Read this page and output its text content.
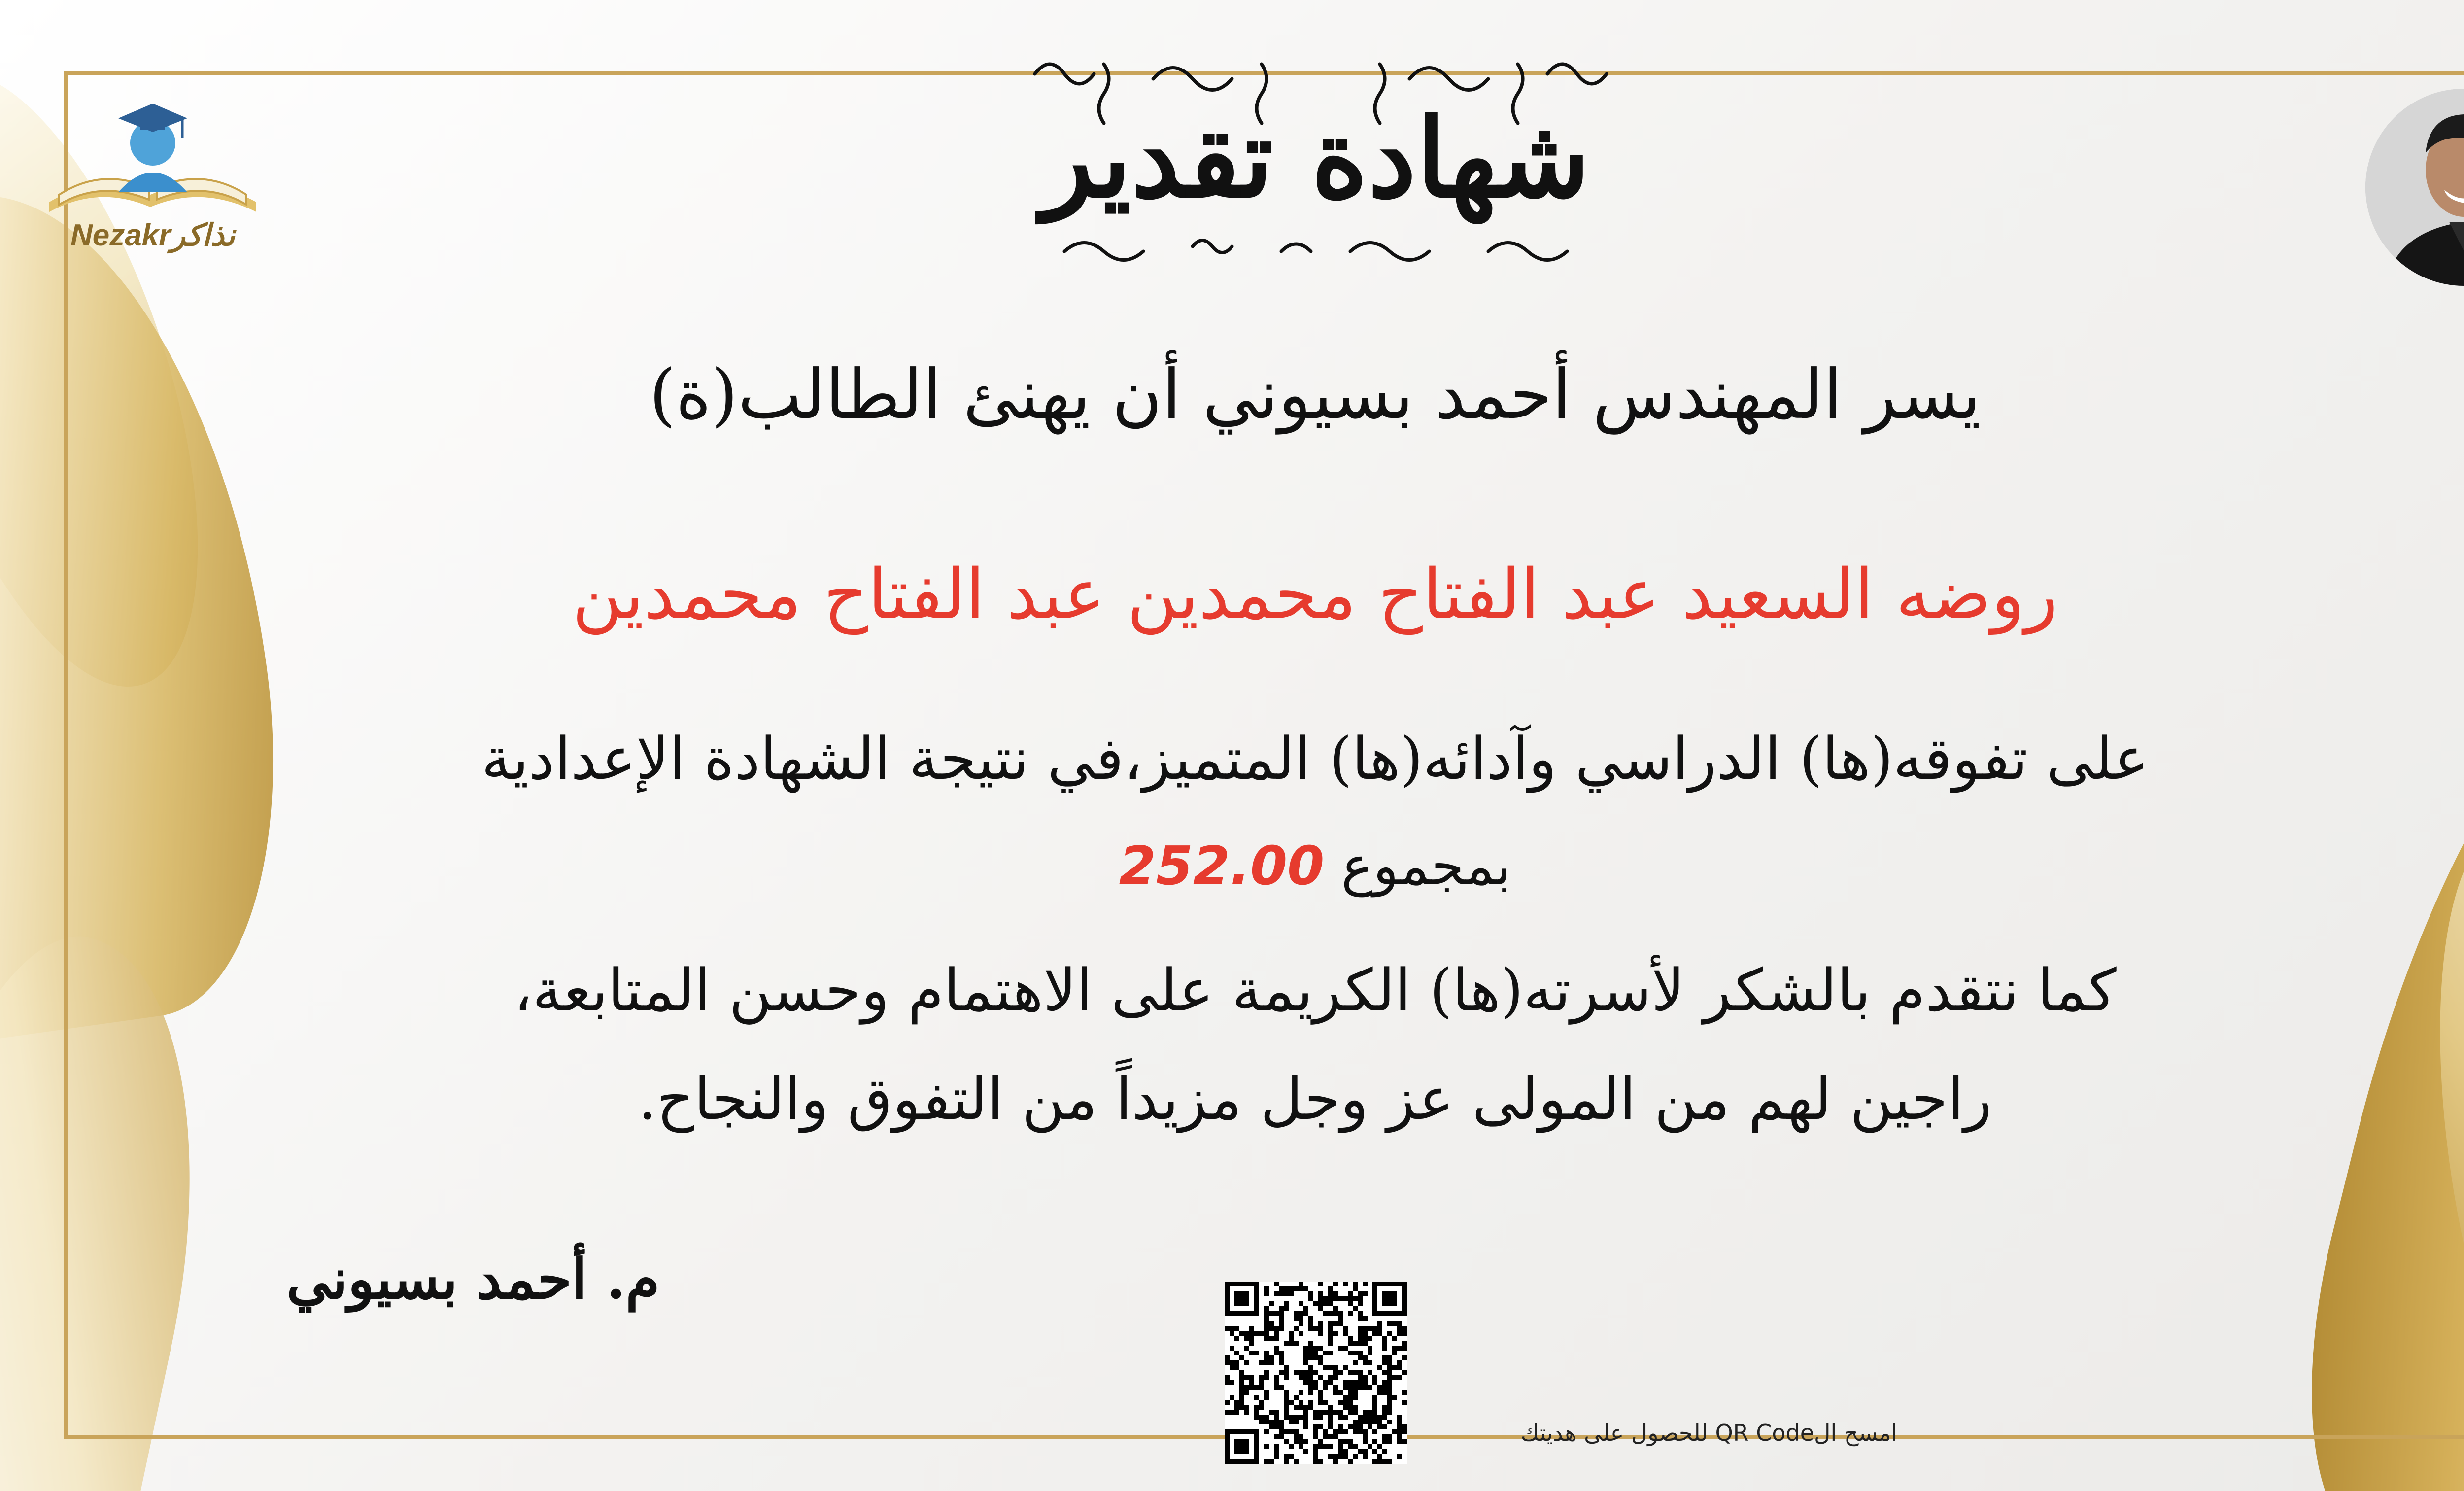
Nezakrنذاكر
شهادة تقدير
يسر المهندس أحمد بسيوني أن يهنئ الطالب(ة)
روضه السعيد عبد الفتاح محمدين عبد الفتاح محمدين
على تفوقه(ها) الدراسي وآدائه(ها) المتميز،في نتيجة الشهادة الإعدادية
بمجموع 252.00
كما نتقدم بالشكر لأسرته(ها) الكريمة على الاهتمام وحسن المتابعة،
راجين لهم من المولى عز وجل مزيداً من التفوق والنجاح.
م. أحمد بسيوني
امسح الQR Code للحصول على هديتك
